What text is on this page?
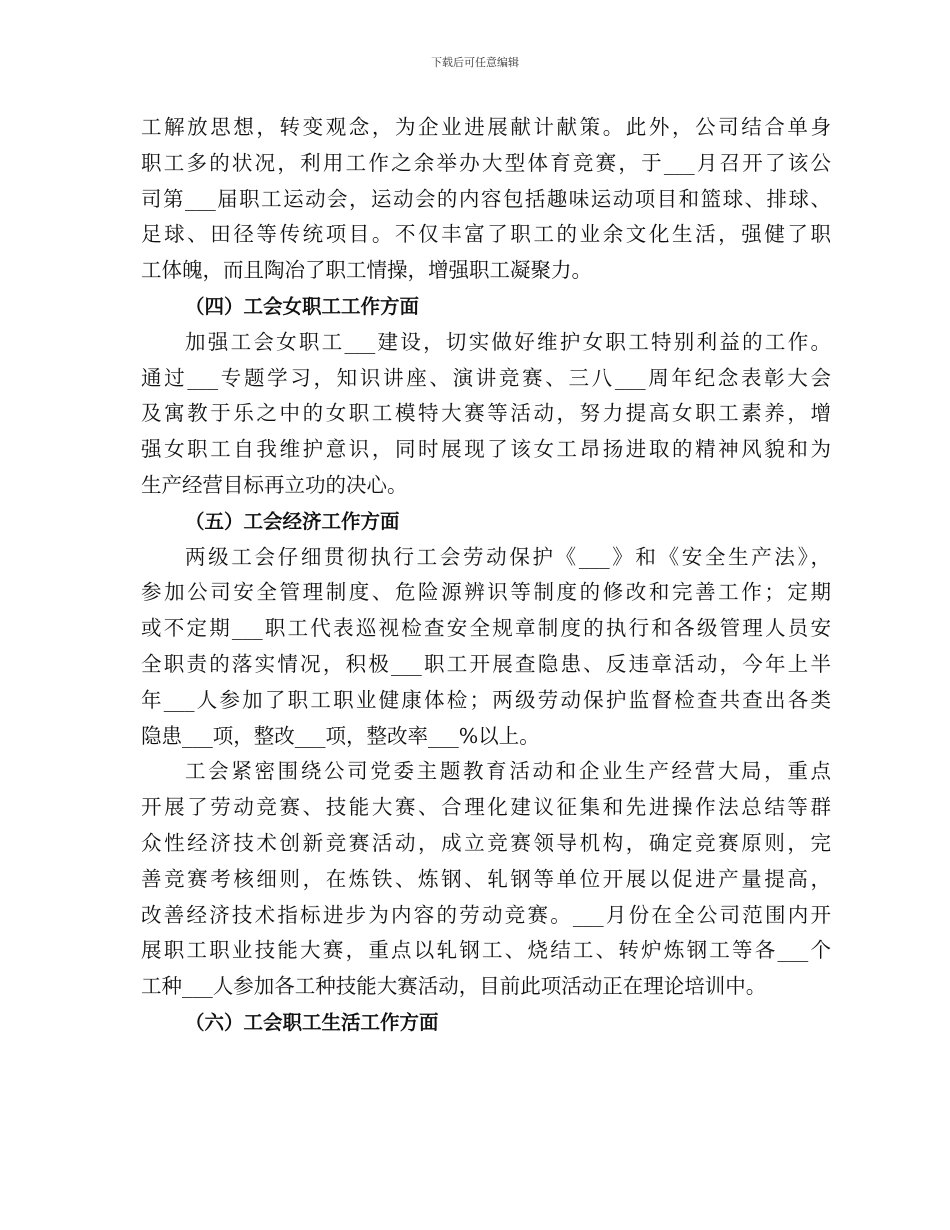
下载后可任意编辑
工解放思想，转变观念，为企业进展献计献策。此外，公司结合单身
职工多的状况，利用工作之余举办大型体育竞赛，于___月召开了该公
司第___届职工运动会，运动会的内容包括趣味运动项目和篮球、排球、
足球、田径等传统项目。不仅丰富了职工的业余文化生活，强健了职
工体魄，而且陶冶了职工情操，增强职工凝聚力。
（四）工会女职工工作方面
加强工会女职工___建设，切实做好维护女职工特别利益的工作。
通过___专题学习，知识讲座、演讲竞赛、三八___周年纪念表彰大会
及寓教于乐之中的女职工模特大赛等活动，努力提高女职工素养，增
强女职工自我维护意识，同时展现了该女工昂扬进取的精神风貌和为
生产经营目标再立功的决心。
（五）工会经济工作方面
两级工会仔细贯彻执行工会劳动保护《___》和《安全生产法》，
参加公司安全管理制度、危险源辨识等制度的修改和完善工作；定期
或不定期___职工代表巡视检查安全规章制度的执行和各级管理人员安
全职责的落实情况，积极___职工开展查隐患、反违章活动，今年上半
年___人参加了职工职业健康体检；两级劳动保护监督检查共查出各类
隐患___项，整改___项，整改率___%以上。
工会紧密围绕公司党委主题教育活动和企业生产经营大局，重点
开展了劳动竞赛、技能大赛、合理化建议征集和先进操作法总结等群
众性经济技术创新竞赛活动，成立竞赛领导机构，确定竞赛原则，完
善竞赛考核细则，在炼铁、炼钢、轧钢等单位开展以促进产量提高，
改善经济技术指标进步为内容的劳动竞赛。___月份在全公司范围内开
展职工职业技能大赛，重点以轧钢工、烧结工、转炉炼钢工等各___个
工种___人参加各工种技能大赛活动，目前此项活动正在理论培训中。
（六）工会职工生活工作方面
